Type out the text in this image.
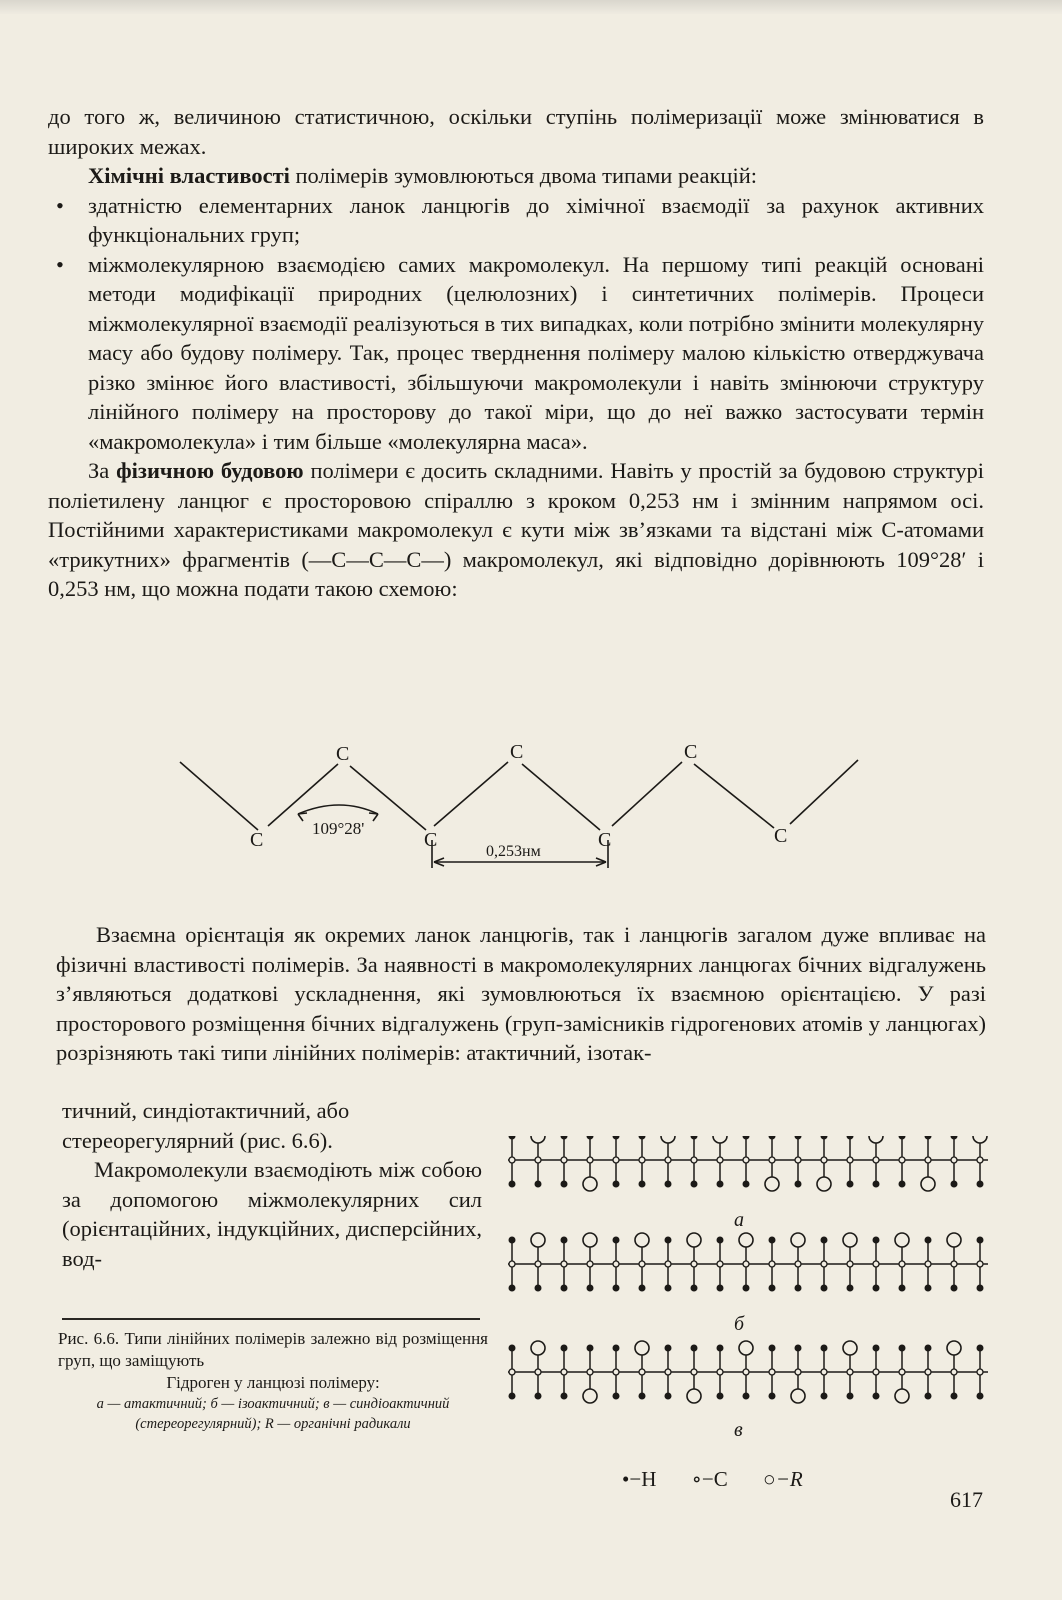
до того ж, величиною статистичною, оскільки ступінь полімеризації може змінюватися в широких межах.

Хімічні властивості полімерів зумовлюються двома типами реакцій:

• здатністю елементарних ланок ланцюгів до хімічної взаємодії за рахунок активних функціональних груп;

• міжмолекулярною взаємодією самих макромолекул. На першому типі реакцій основані методи модифікації природних (целюлозних) і синтетичних полімерів. Процеси міжмолекулярної взаємодії реалізуються в тих випадках, коли потрібно змінити молекулярну масу або будову полімеру. Так, процес тверднення полімеру малою кількістю отверджувача різко змінює його властивості, збільшуючи макромолекули і навіть змінюючи структуру лінійного полімеру на просторову до такої міри, що до неї важко застосувати термін «макромолекула» і тим більше «молекулярна маса».

За фізичною будовою полімери є досить складними. Навіть у простій за будовою структурі поліетилену ланцюг є просторовою спіраллю з кроком 0,253 нм і змінним напрямом осі. Постійними характеристиками макромолекул є кути між зв’язками та відстані між С-атомами «трикутних» фрагментів (—С—С—С—) макромолекул, які відповідно дорівнюють 109°28′ і 0,253 нм, що можна подати такою схемою:

C	C	C
C	C	C	C
109°28'
0,253нм

Взаємна орієнтація як окремих ланок ланцюгів, так і ланцюгів загалом дуже впливає на фізичні властивості полімерів. За наявності в макромолекулярних ланцюгах бічних відгалужень з’являються додаткові ускладнення, які зумовлюються їх взаємною орієнтацією. У разі просторового розміщення бічних відгалужень (груп-замісників гідрогенових атомів у ланцюгах) розрізняють такі типи лінійних полімерів: атактичний, ізотак-

тичний, синдіотактичний, або стереорегулярний (рис. 6.6).

Макромолекули взаємодіють між собою за допомогою міжмолекулярних сил (орієнтаційних, індукційних, дисперсійних, вод-

Рис. 6.6. Типи лінійних полімерів залежно від розміщення груп, що заміщують
Гідроген у ланцюзі полімеру:
а — атактичний; б — ізоактичний; в — синдіоактичний (стереорегулярний); R — органічні радикали
а
б
в
•−H ∘−C ○−R
617
